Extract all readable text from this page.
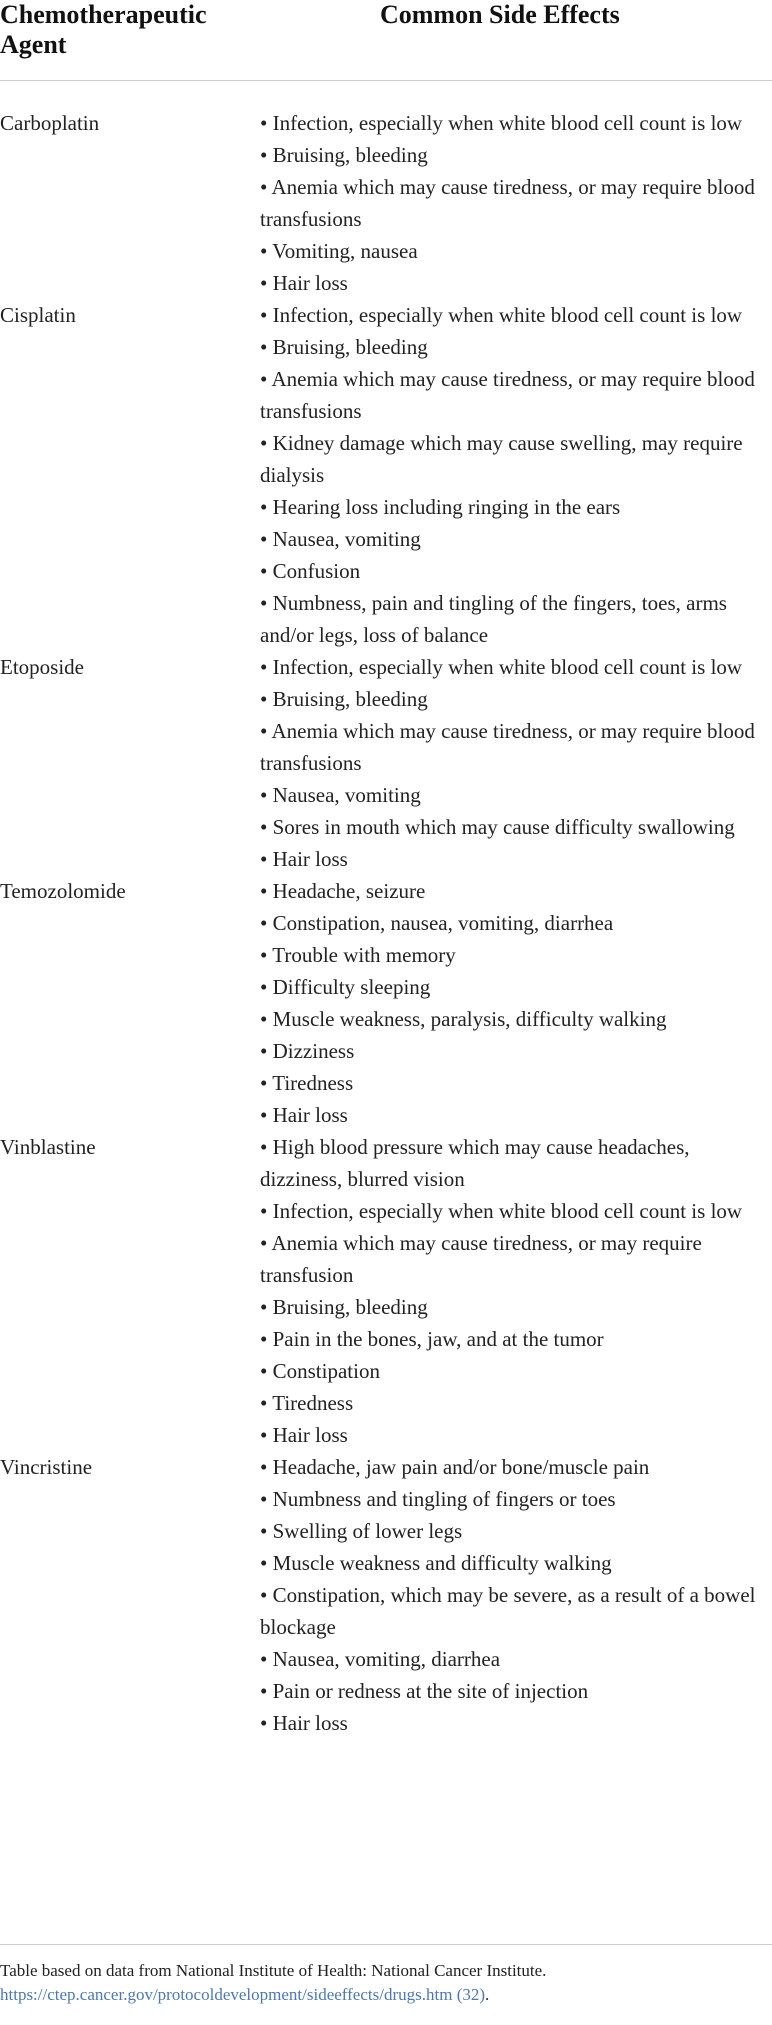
Chemotherapeutic Agent
Common Side Effects
Carboplatin	• Infection, especially when white blood cell count is low
• Bruising, bleeding
• Anemia which may cause tiredness, or may require blood transfusions
• Vomiting, nausea
• Hair loss
Cisplatin	• Infection, especially when white blood cell count is low
• Bruising, bleeding
• Anemia which may cause tiredness, or may require blood transfusions
• Kidney damage which may cause swelling, may require dialysis
• Hearing loss including ringing in the ears
• Nausea, vomiting
• Confusion
• Numbness, pain and tingling of the fingers, toes, arms and/or legs, loss of balance
Etoposide	• Infection, especially when white blood cell count is low
• Bruising, bleeding
• Anemia which may cause tiredness, or may require blood transfusions
• Nausea, vomiting
• Sores in mouth which may cause difficulty swallowing
• Hair loss
Temozolomide	• Headache, seizure
• Constipation, nausea, vomiting, diarrhea
• Trouble with memory
• Difficulty sleeping
• Muscle weakness, paralysis, difficulty walking
• Dizziness
• Tiredness
• Hair loss
Vinblastine	• High blood pressure which may cause headaches, dizziness, blurred vision
• Infection, especially when white blood cell count is low
• Anemia which may cause tiredness, or may require transfusion
• Bruising, bleeding
• Pain in the bones, jaw, and at the tumor
• Constipation
• Tiredness
• Hair loss
Vincristine	• Headache, jaw pain and/or bone/muscle pain
• Numbness and tingling of fingers or toes
• Swelling of lower legs
• Muscle weakness and difficulty walking
• Constipation, which may be severe, as a result of a bowel blockage
• Nausea, vomiting, diarrhea
• Pain or redness at the site of injection
• Hair loss
Table based on data from National Institute of Health: National Cancer Institute. https://ctep.cancer.gov/protocoldevelopment/sideeffects/drugs.htm (32).
